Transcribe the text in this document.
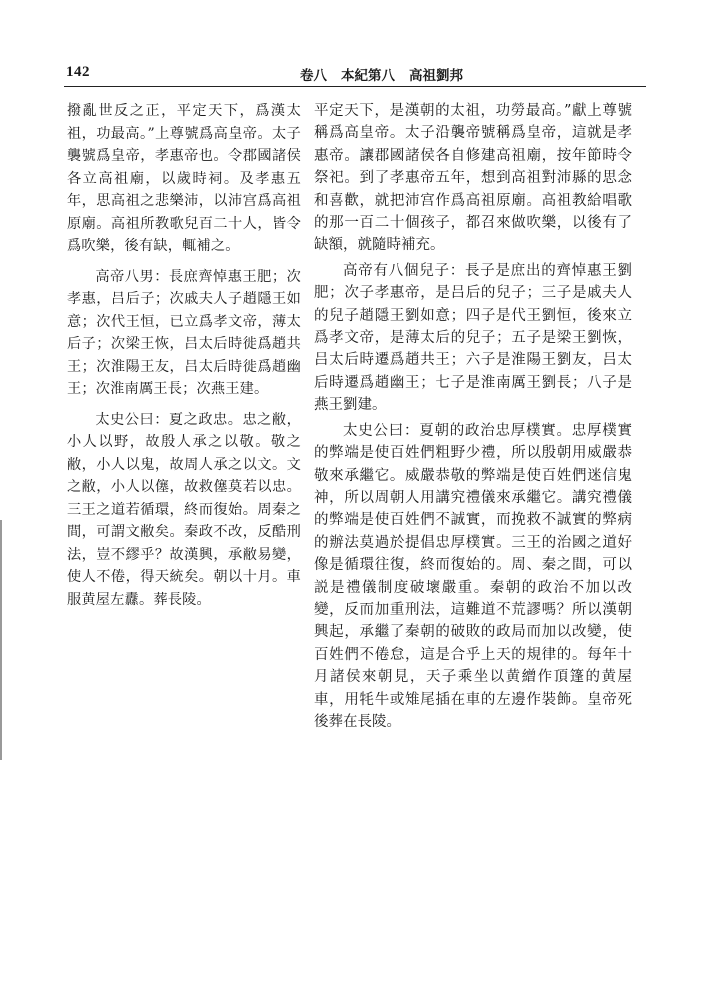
142	卷八 本紀第八 高祖劉邦

撥亂世反之正，平定天下，爲漢太祖，功最高。”上尊號爲高皇帝。太子襲號爲皇帝，孝惠帝也。令郡國諸侯各立高祖廟，以歲時祠。及孝惠五年，思高祖之悲樂沛，以沛宫爲高祖原廟。高祖所教歌兒百二十人，皆令爲吹樂，後有缺，輒補之。

高帝八男：長庶齊悼惠王肥；次孝惠，吕后子；次戚夫人子趙隱王如意；次代王恒，已立爲孝文帝，薄太后子；次梁王恢，吕太后時徙爲趙共王；次淮陽王友，吕太后時徙爲趙幽王；次淮南厲王長；次燕王建。

太史公曰：夏之政忠。忠之敝，小人以野，故殷人承之以敬。敬之敝，小人以鬼，故周人承之以文。文之敝，小人以僿，故救僿莫若以忠。三王之道若循環，終而復始。周秦之間，可謂文敝矣。秦政不改，反酷刑法，豈不繆乎？故漢興，承敝易變，使人不倦，得天統矣。朝以十月。車服黄屋左纛。葬長陵。

平定天下，是漢朝的太祖，功勞最高。”獻上尊號稱爲高皇帝。太子沿襲帝號稱爲皇帝，這就是孝惠帝。讓郡國諸侯各自修建高祖廟，按年節時令祭祀。到了孝惠帝五年，想到高祖對沛縣的思念和喜歡，就把沛宫作爲高祖原廟。高祖教給唱歌的那一百二十個孩子，都召來做吹樂，以後有了缺額，就隨時補充。

高帝有八個兒子：長子是庶出的齊悼惠王劉肥；次子孝惠帝，是吕后的兒子；三子是戚夫人的兒子趙隱王劉如意；四子是代王劉恒，後來立爲孝文帝，是薄太后的兒子；五子是梁王劉恢，吕太后時遷爲趙共王；六子是淮陽王劉友，吕太后時遷爲趙幽王；七子是淮南厲王劉長；八子是燕王劉建。

太史公曰：夏朝的政治忠厚樸實。忠厚樸實的弊端是使百姓們粗野少禮，所以殷朝用威嚴恭敬來承繼它。威嚴恭敬的弊端是使百姓們迷信鬼神，所以周朝人用講究禮儀來承繼它。講究禮儀的弊端是使百姓們不誠實，而挽救不誠實的弊病的辦法莫過於提倡忠厚樸實。三王的治國之道好像是循環往復，終而復始的。周、秦之間，可以説是禮儀制度破壞嚴重。秦朝的政治不加以改變，反而加重刑法，這難道不荒謬嗎？所以漢朝興起，承繼了秦朝的破敗的政局而加以改變，使百姓們不倦怠，這是合乎上天的規律的。每年十月諸侯來朝見，天子乘坐以黄繒作頂篷的黄屋車，用牦牛或雉尾插在車的左邊作裝飾。皇帝死後葬在長陵。
